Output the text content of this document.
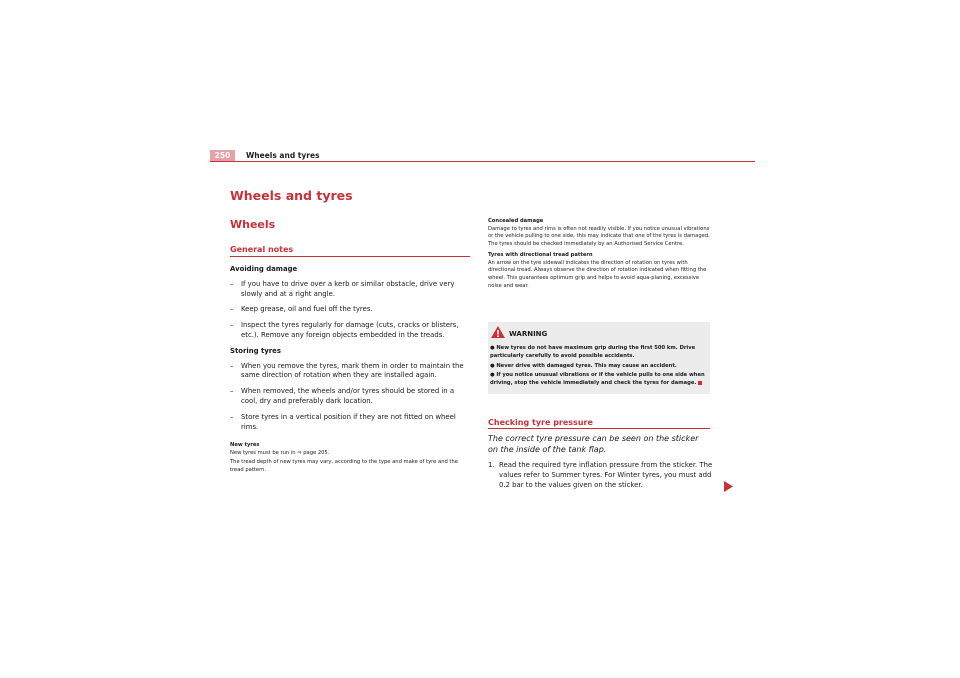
250	Wheels and tyres
Wheels and tyres
Wheels
General notes
Avoiding damage
– If you have to drive over a kerb or similar obstacle, drive very slowly and at a right angle.
– Keep grease, oil and fuel off the tyres.
– Inspect the tyres regularly for damage (cuts, cracks or blisters, etc.). Remove any foreign objects embedded in the treads.
Storing tyres
– When you remove the tyres, mark them in order to maintain the same direction of rotation when they are installed again.
– When removed, the wheels and/or tyres should be stored in a cool, dry and preferably dark location.
– Store tyres in a vertical position if they are not fitted on wheel rims.
New tyres
New tyres must be run in ⇒ page 205.
The tread depth of new tyres may vary, according to the type and make of tyre and the tread pattern.
Concealed damage
Damage to tyres and rims is often not readily visible. If you notice unusual vibrations or the vehicle pulling to one side, this may indicate that one of the tyres is damaged. The tyres should be checked immediately by an Authorised Service Centre.
Tyres with directional tread pattern
An arrow on the tyre sidewall indicates the direction of rotation on tyres with directional tread. Always observe the direction of rotation indicated when fitting the wheel. This guarantees optimum grip and helps to avoid aqua-planing, excessive noise and wear.
WARNING
● New tyres do not have maximum grip during the first 500 km. Drive particularly carefully to avoid possible accidents.
● Never drive with damaged tyres. This may cause an accident.
● If you notice unusual vibrations or if the vehicle pulls to one side when driving, stop the vehicle immediately and check the tyres for damage.
Checking tyre pressure
The correct tyre pressure can be seen on the sticker on the inside of the tank flap.
1. Read the required tyre inflation pressure from the sticker. The values refer to Summer tyres. For Winter tyres, you must add 0.2 bar to the values given on the sticker.
